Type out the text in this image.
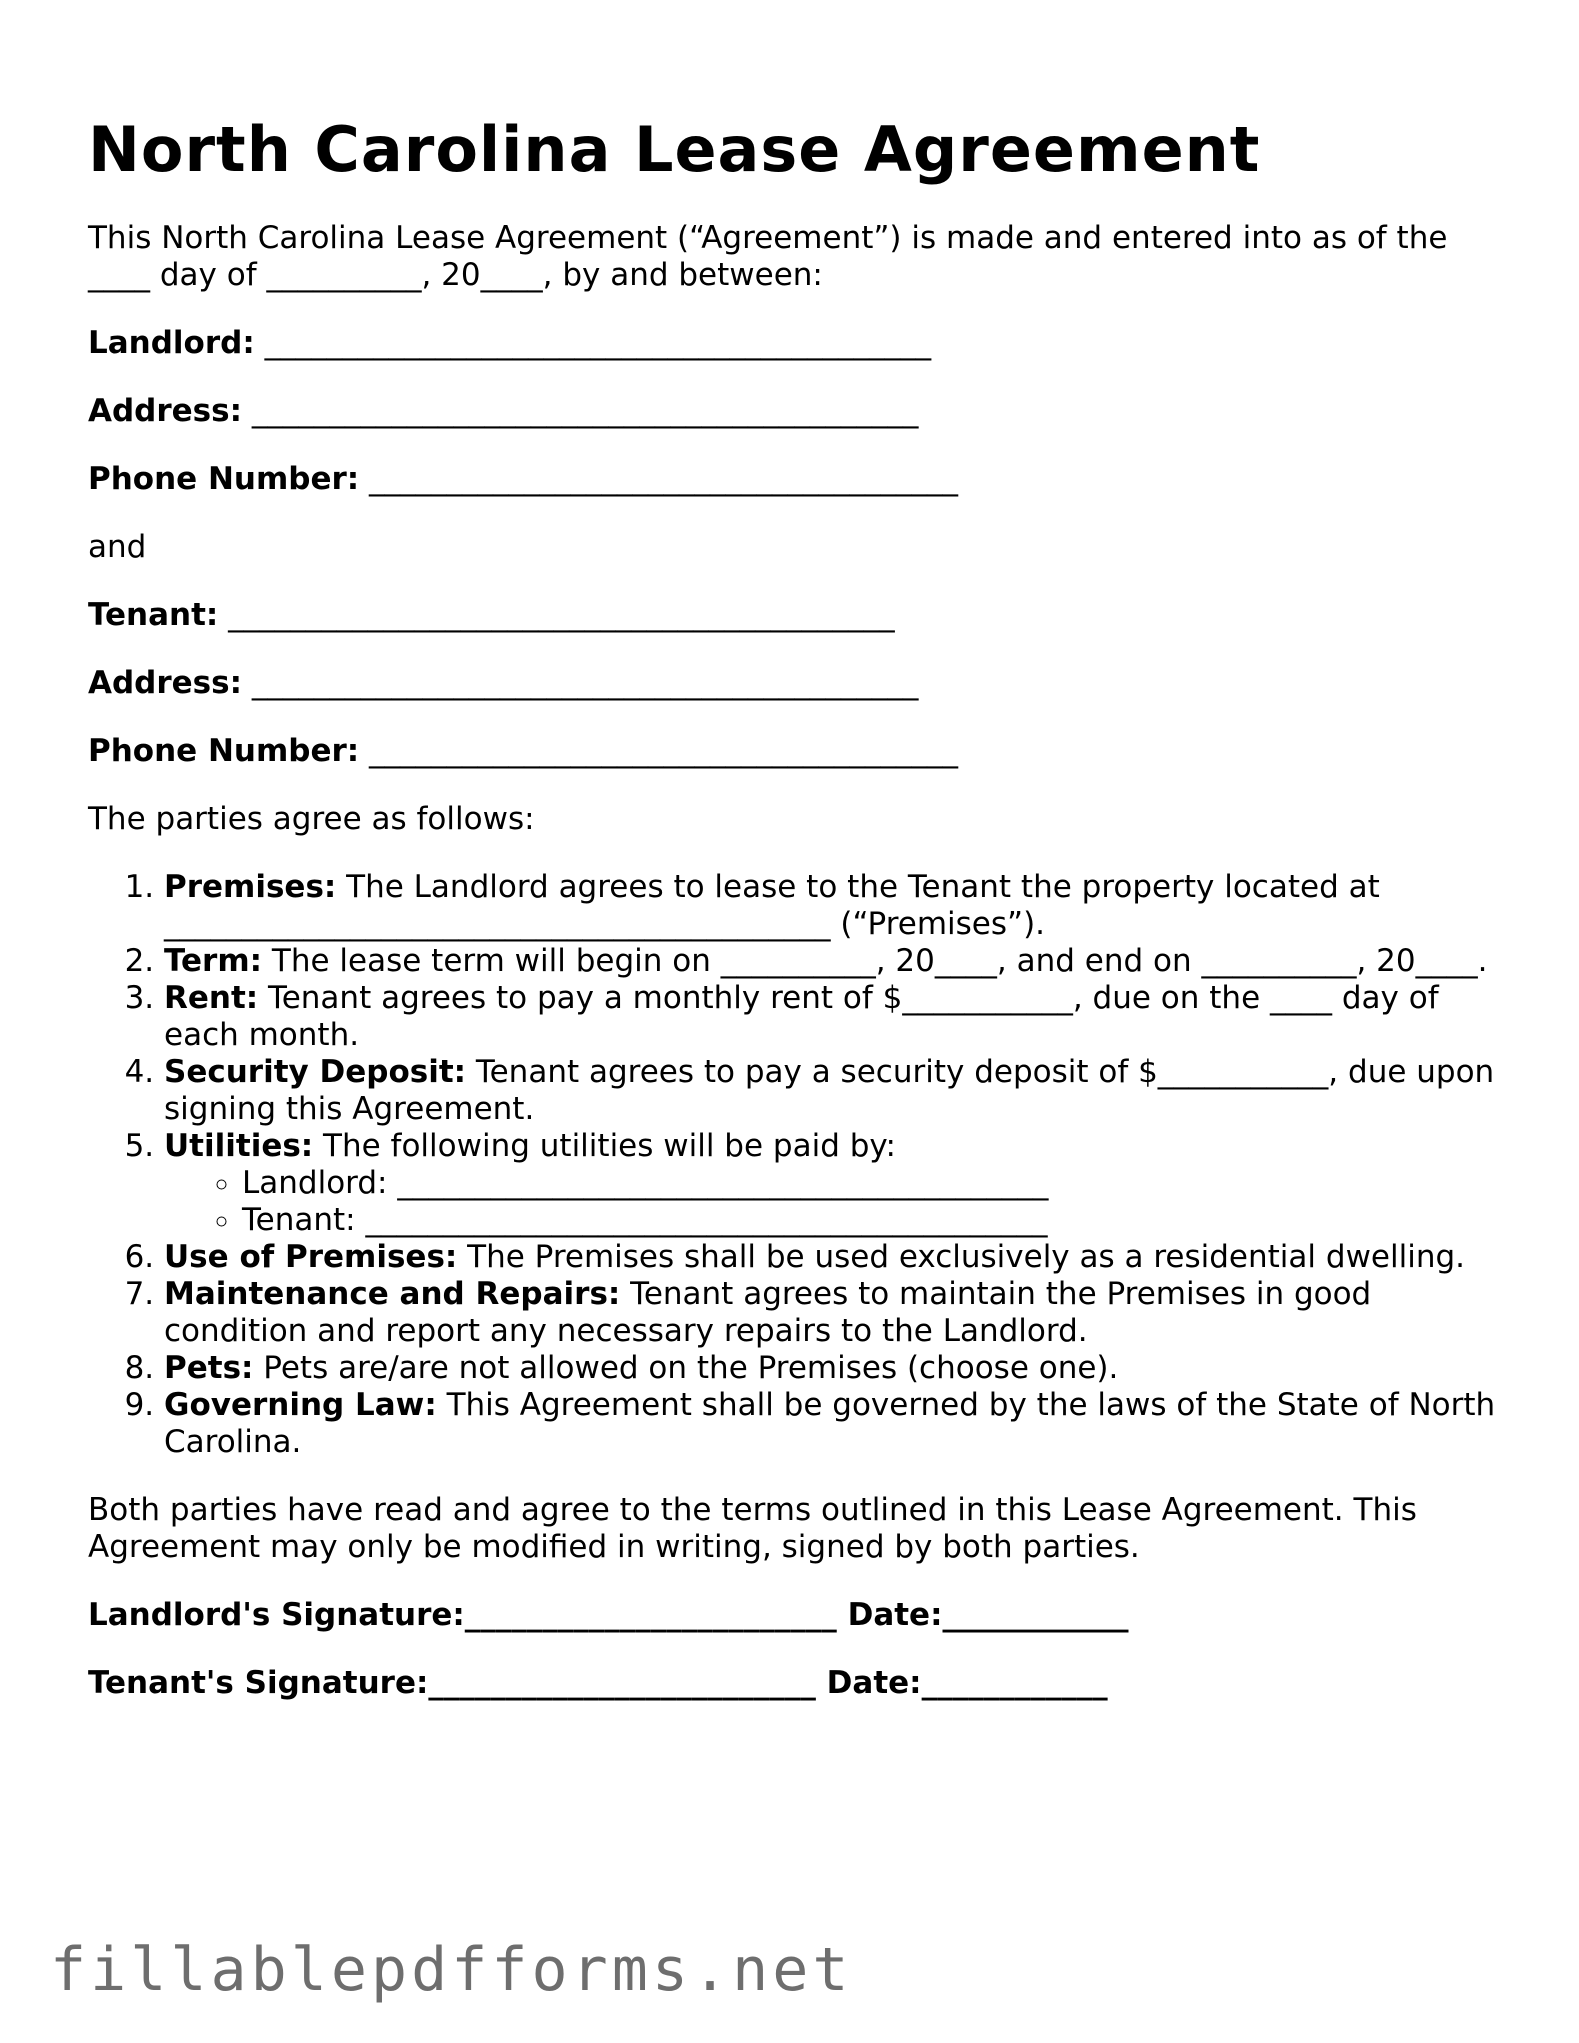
North Carolina Lease Agreement

This North Carolina Lease Agreement (“Agreement”) is made and entered into as of the ____ day of __________, 20____, by and between:

Landlord: ___________________________________________
Address: ___________________________________________
Phone Number: ______________________________________

and

Tenant: ___________________________________________
Address: ___________________________________________
Phone Number: ______________________________________

The parties agree as follows:

1. Premises: The Landlord agrees to lease to the Tenant the property located at ___________________________________________ (“Premises”).
2. Term: The lease term will begin on __________, 20____, and end on __________, 20____.
3. Rent: Tenant agrees to pay a monthly rent of $___________, due on the ____ day of each month.
4. Security Deposit: Tenant agrees to pay a security deposit of $___________, due upon signing this Agreement.
5. Utilities: The following utilities will be paid by:
◦ Landlord: __________________________________________
◦ Tenant: ____________________________________________
6. Use of Premises: The Premises shall be used exclusively as a residential dwelling.
7. Maintenance and Repairs: Tenant agrees to maintain the Premises in good condition and report any necessary repairs to the Landlord.
8. Pets: Pets are/are not allowed on the Premises (choose one).
9. Governing Law: This Agreement shall be governed by the laws of the State of North Carolina.

Both parties have read and agree to the terms outlined in this Lease Agreement. This Agreement may only be modified in writing, signed by both parties.

Landlord's Signature:________________________ Date:____________
Tenant's Signature:_________________________ Date:____________
fillablepdfforms.net
